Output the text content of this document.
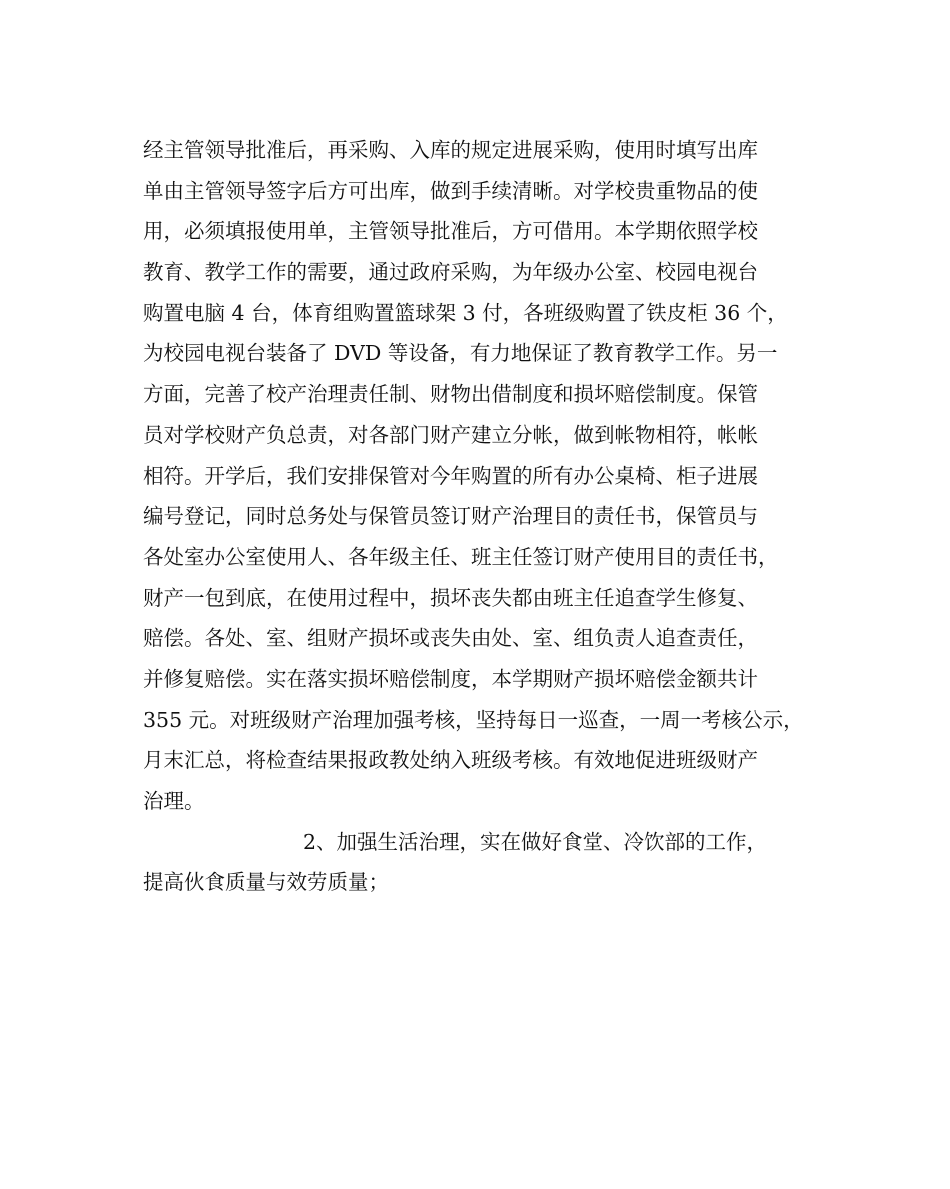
经主管领导批准后，再采购、入库的规定进展采购，使用时填写出库
单由主管领导签字后方可出库，做到手续清晰。对学校贵重物品的使
用，必须填报使用单，主管领导批准后，方可借用。本学期依照学校
教育、教学工作的需要，通过政府采购，为年级办公室、校园电视台
购置电脑 4 台，体育组购置篮球架 3 付，各班级购置了铁皮柜 36 个，
为校园电视台装备了 DVD 等设备，有力地保证了教育教学工作。另一
方面，完善了校产治理责任制、财物出借制度和损坏赔偿制度。保管
员对学校财产负总责，对各部门财产建立分帐，做到帐物相符，帐帐
相符。开学后，我们安排保管对今年购置的所有办公桌椅、柜子进展
编号登记，同时总务处与保管员签订财产治理目的责任书，保管员与
各处室办公室使用人、各年级主任、班主任签订财产使用目的责任书，
财产一包到底，在使用过程中，损坏丧失都由班主任追查学生修复、
赔偿。各处、室、组财产损坏或丧失由处、室、组负责人追查责任，
并修复赔偿。实在落实损坏赔偿制度，本学期财产损坏赔偿金额共计
355 元。对班级财产治理加强考核，坚持每日一巡查，一周一考核公示，
月末汇总，将检查结果报政教处纳入班级考核。有效地促进班级财产
治理。
2、加强生活治理，实在做好食堂、冷饮部的工作，
提高伙食质量与效劳质量；
